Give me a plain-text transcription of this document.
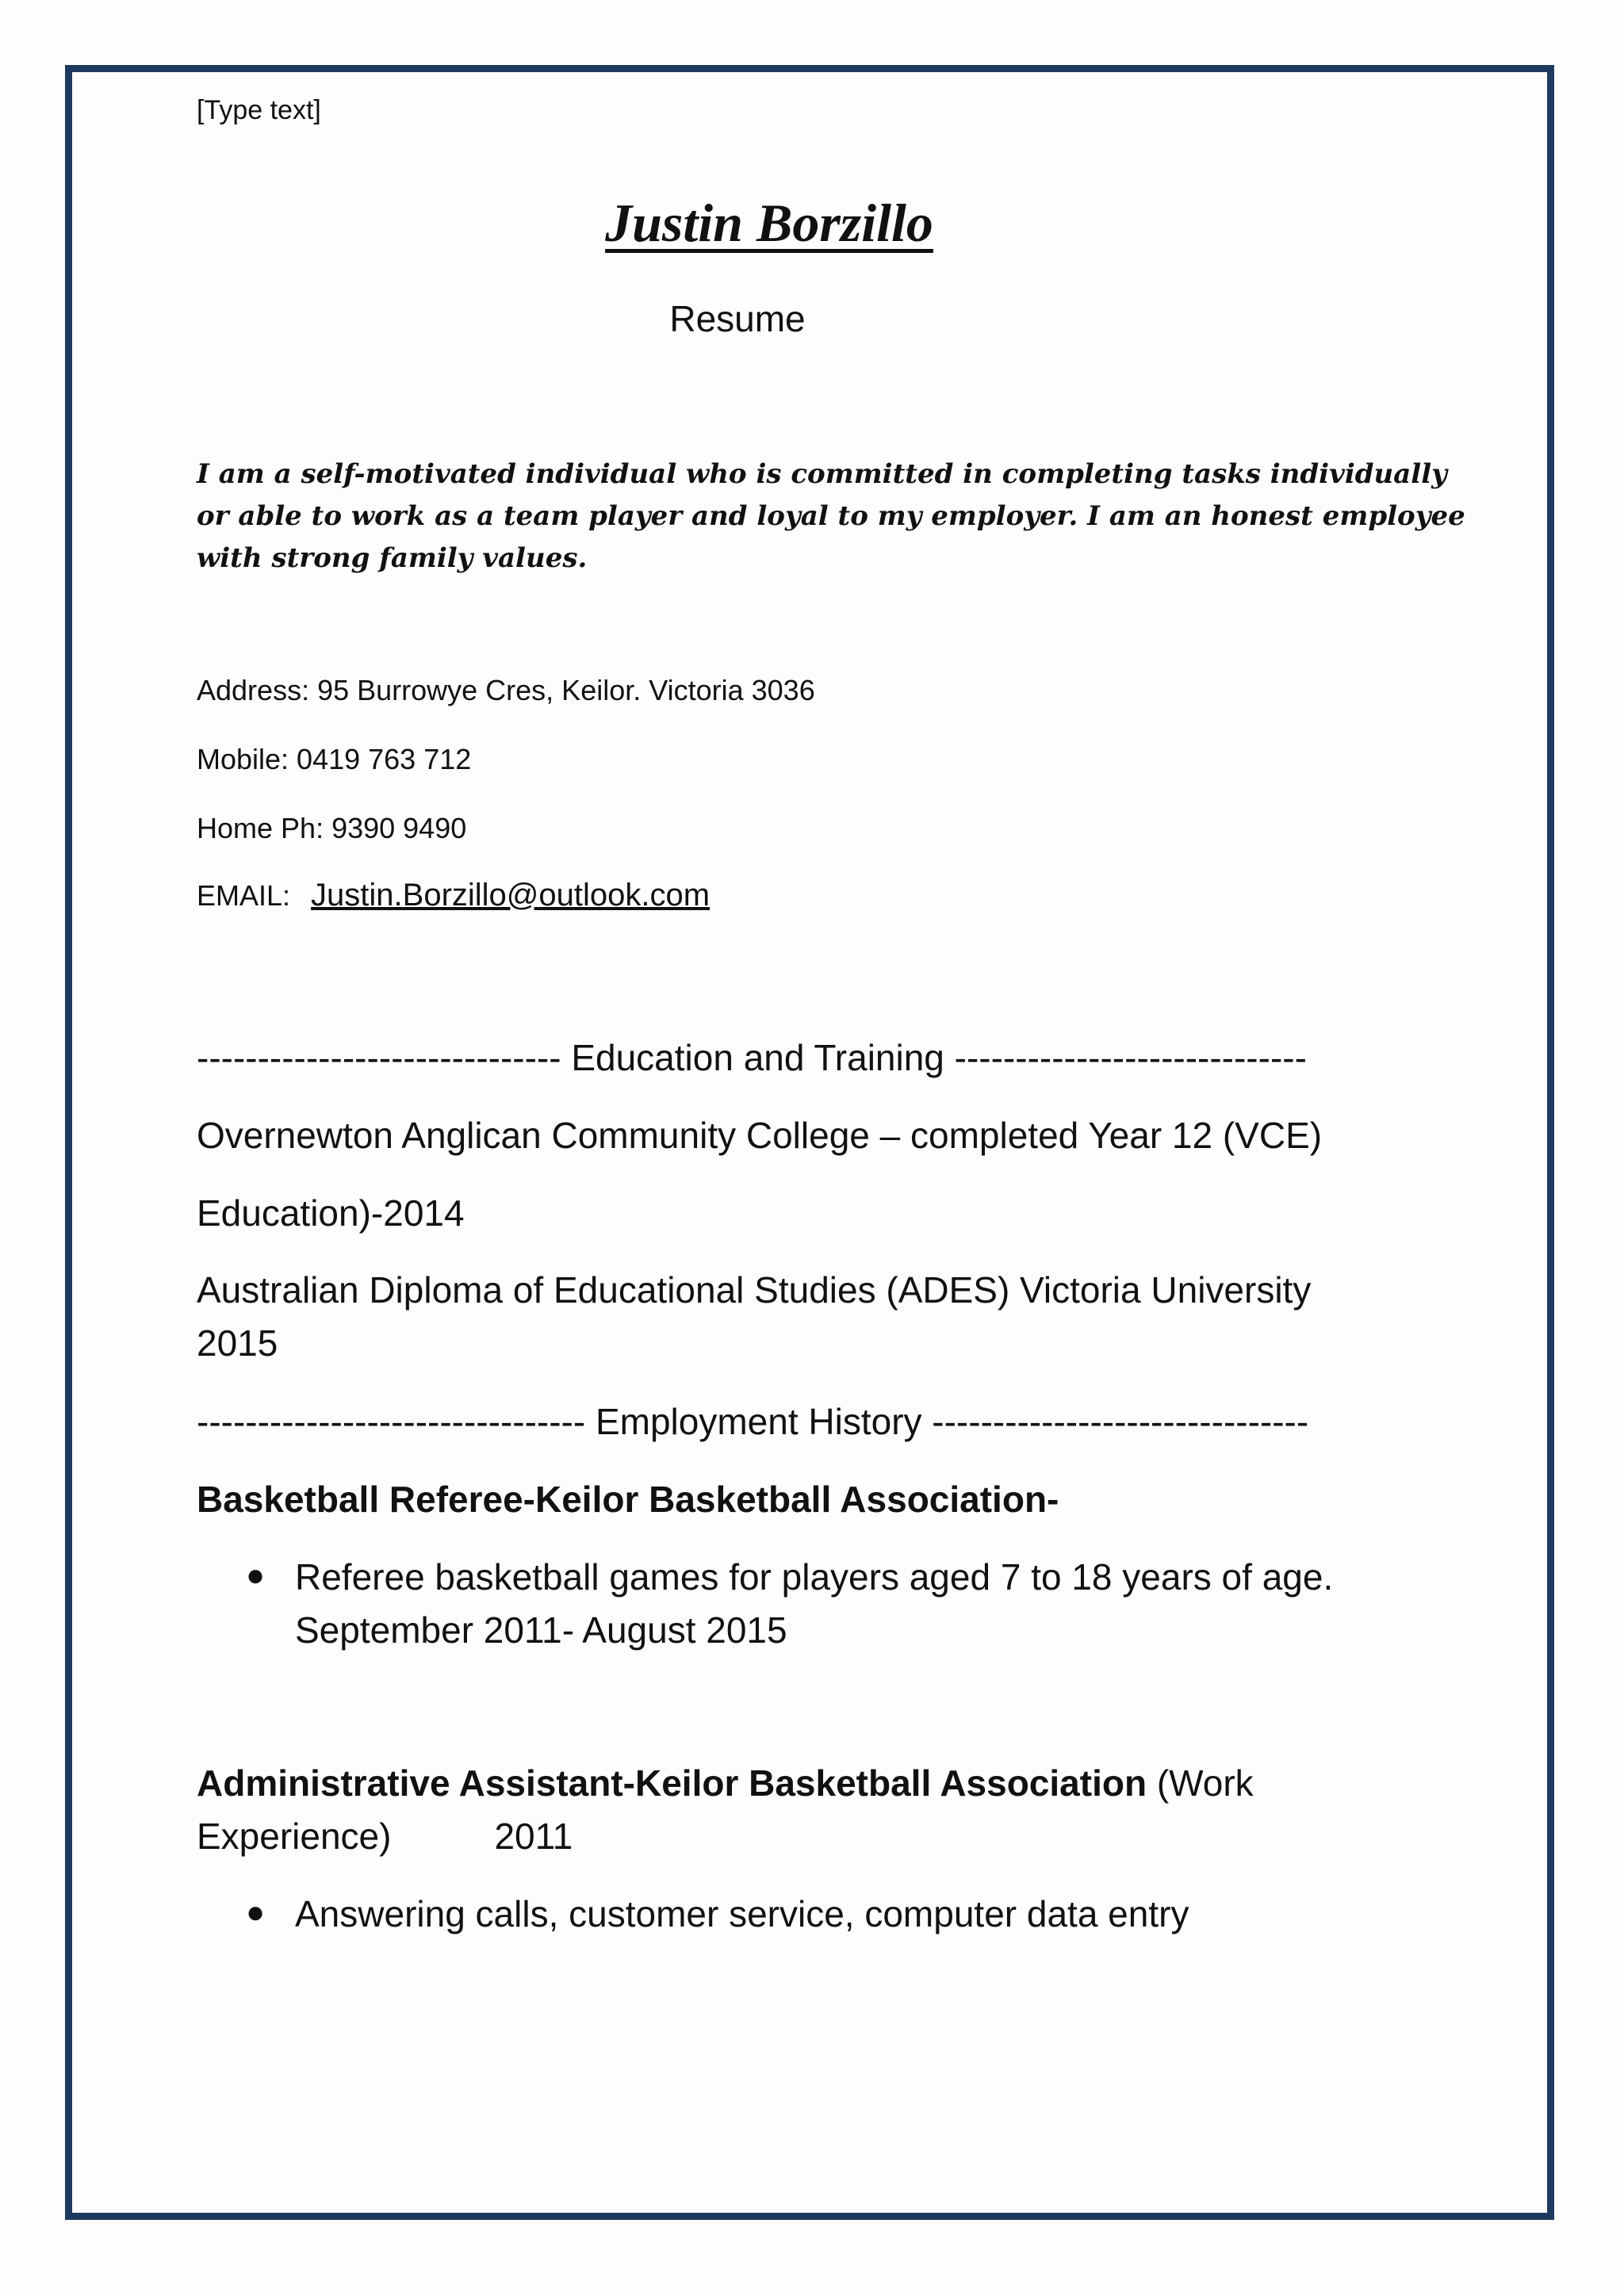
[Type text]

Justin Borzillo

Resume

I am a self-motivated individual who is committed in completing tasks individually or able to work as a team player and loyal to my employer. I am an honest employee with strong family values.

Address: 95 Burrowye Cres, Keilor. Victoria 3036

Mobile: 0419 763 712

Home Ph: 9390 9490

EMAIL: Justin.Borzillo@outlook.com

------------------------------ Education and Training -----------------------------

Overnewton Anglican Community College – completed Year 12 (VCE)

Education)-2014

Australian Diploma of Educational Studies (ADES) Victoria University

2015

-------------------------------- Employment History -------------------------------

Basketball Referee-Keilor Basketball Association-

● Referee basketball games for players aged 7 to 18 years of age.

September 2011- August 2015

Administrative Assistant-Keilor Basketball Association (Work

Experience)	2011

● Answering calls, customer service, computer data entry
